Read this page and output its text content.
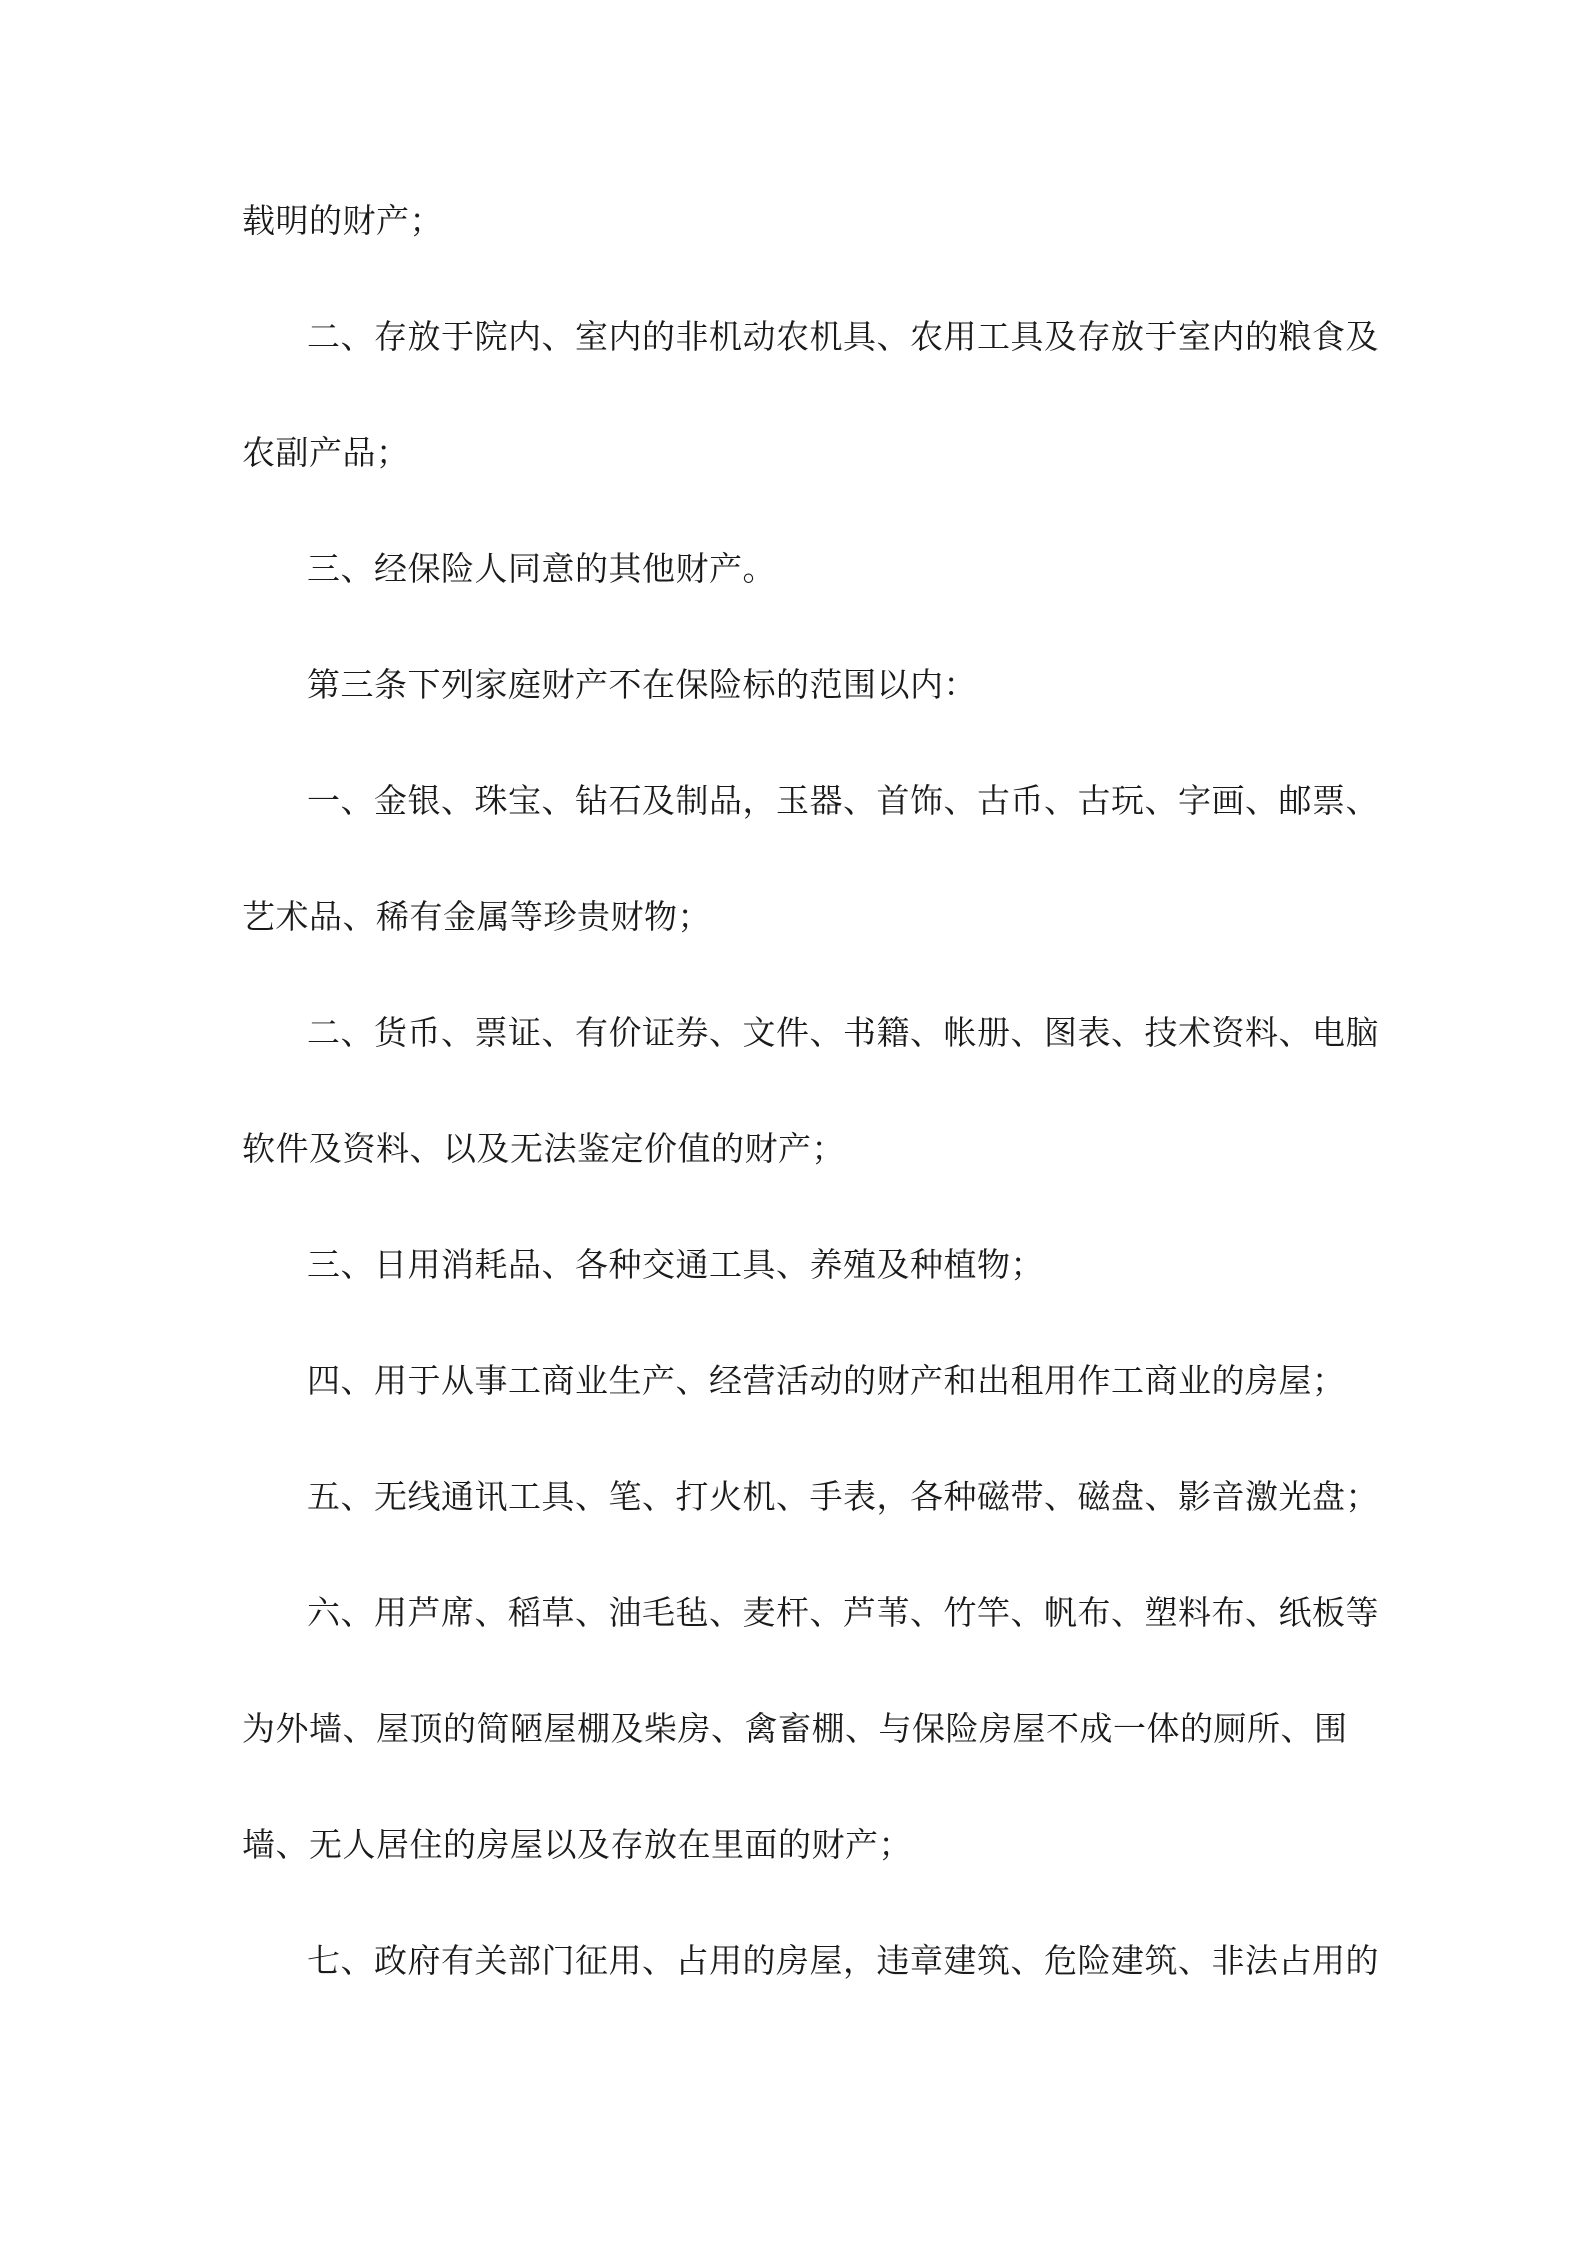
载明的财产；

二、存放于院内、室内的非机动农机具、农用工具及存放于室内的粮食及

农副产品；

三、经保险人同意的其他财产。

第三条下列家庭财产不在保险标的范围以内：

一、金银、珠宝、钻石及制品，玉器、首饰、古币、古玩、字画、邮票、

艺术品、稀有金属等珍贵财物；

二、货币、票证、有价证券、文件、书籍、帐册、图表、技术资料、电脑

软件及资料、以及无法鉴定价值的财产；

三、日用消耗品、各种交通工具、养殖及种植物；

四、用于从事工商业生产、经营活动的财产和出租用作工商业的房屋；

五、无线通讯工具、笔、打火机、手表，各种磁带、磁盘、影音激光盘；

六、用芦席、稻草、油毛毡、麦杆、芦苇、竹竿、帆布、塑料布、纸板等

为外墙、屋顶的简陋屋棚及柴房、禽畜棚、与保险房屋不成一体的厕所、围

墙、无人居住的房屋以及存放在里面的财产；

七、政府有关部门征用、占用的房屋，违章建筑、危险建筑、非法占用的
